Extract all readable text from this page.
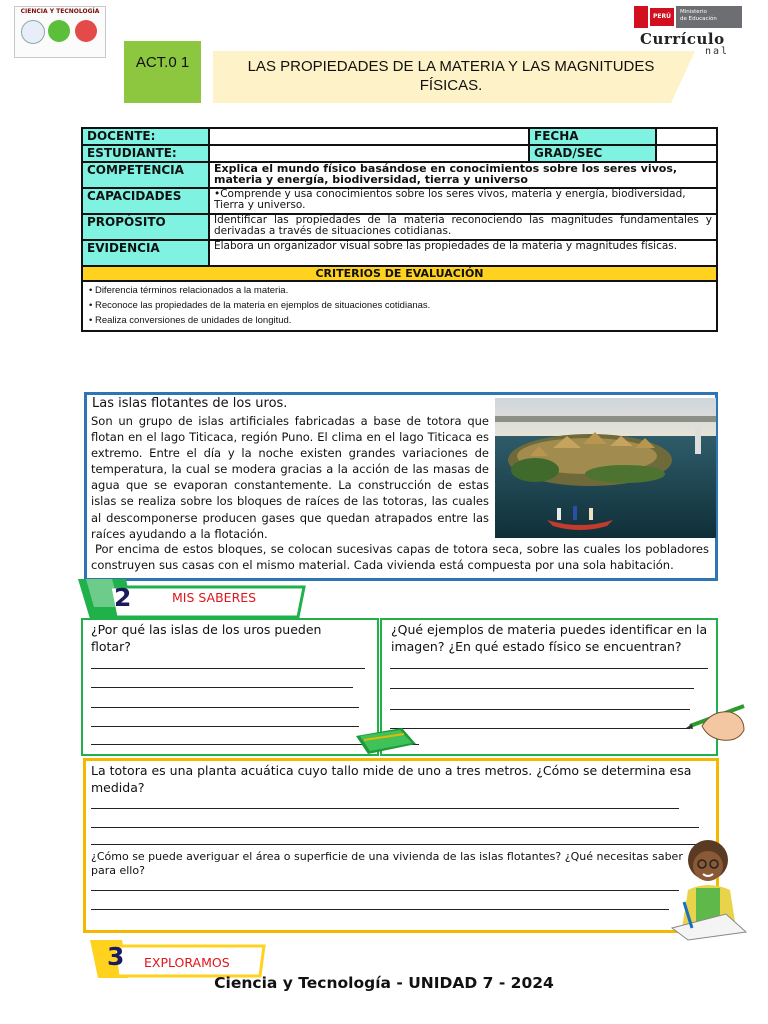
CIENCIA Y TECNOLOGÍA
PERÚ
Ministerio
de Educación
Currículo
nal
ACT.0 1	LAS PROPIEDADES DE LA MATERIA Y LAS MAGNITUDES FÍSICAS.
DOCENTE:		FECHA	
ESTUDIANTE:		GRAD/SEC	
COMPETENCIA	Explica el mundo físico basándose en conocimientos sobre los seres vivos, materia y energía, biodiversidad, tierra y universo		
CAPACIDADES	•Comprende y usa conocimientos sobre los seres vivos, materia y energía, biodiversidad, Tierra y universo.		
PROPÓSITO	Identificar las propiedades de la materia reconociendo las magnitudes fundamentales y derivadas a través de situaciones cotidianas.		
EVIDENCIA	Elabora un organizador visual sobre las propiedades de la materia y magnitudes físicas.		
CRITERIOS DE EVALUACIÓN			

• Diferencia términos relacionados a la materia.
• Reconoce las propiedades de la materia en ejemplos de situaciones cotidianas.
• Realiza conversiones de unidades de longitud.			
Las islas flotantes de los uros.
Son un grupo de islas artificiales fabricadas a base de totora que flotan en el lago Titicaca, región Puno. El clima en el lago Titicaca es extremo. Entre el día y la noche existen grandes variaciones de temperatura, la cual se modera gracias a la acción de las masas de agua que se evaporan constantemente. La construcción de estas islas se realiza sobre los bloques de raíces de las totoras, las cuales al descomponerse producen gases que quedan atrapados entre las raíces ayudando a la flotación.
Por encima de estos bloques, se colocan sucesivas capas de totora seca, sobre las cuales los pobladores construyen sus casas con el mismo material. Cada vivienda está compuesta por una sola habitación.
2	MIS SABERES
¿Por qué las islas de los uros pueden flotar?
¿Qué ejemplos de materia puedes identificar en la imagen? ¿En qué estado físico se encuentran?
La totora es una planta acuática cuyo tallo mide de uno a tres metros. ¿Cómo se determina esa medida?
¿Cómo se puede averiguar el área o superficie de una vivienda de las islas flotantes? ¿Qué necesitas saber para ello?
3 EXPLORAMOS
Ciencia y Tecnología - UNIDAD 7 - 2024
